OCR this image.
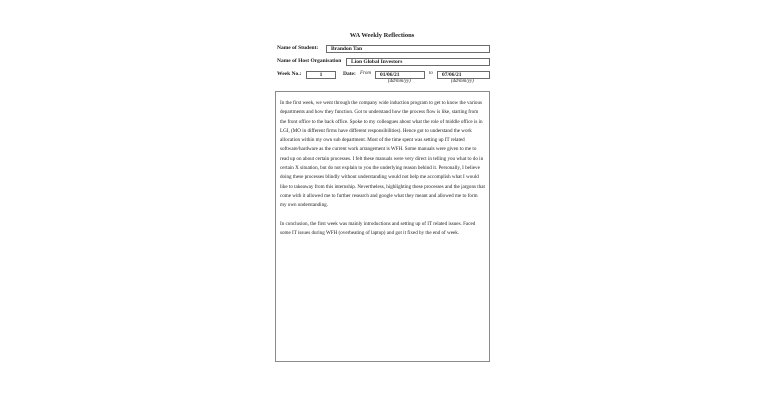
WA Weekly Reflections
Name of Student:	Brandon Tan
Name of Host Organisation	Lion Global Investors
Week No.:	1	Date: From	01/06/21	to	07/06/21
(dd/mm/yy)	(dd/mm/yy)

In the first week, we went through the company wide induction program to get to know the various departments and how they function. Got to understand how the process flow is like, starting from the front office to the back office. Spoke to my colleagues about what the role of middle office is in LGI, (MO in different firms have different responsibilities). Hence got to understand the work allocation within my own sub department. Most of the time spent was setting up IT related software/hardware as the current work arrangement is WFH. Some manuals were given to me to read up on about certain processes. I felt these manuals were very direct in telling you what to do in certain X situation, but do not explain to you the underlying reason behind it. Personally, I believe doing these processes blindly without understanding would not help me accomplish what I would like to takeaway from this internship. Nevertheless, highlighting these processes and the jargons that come with it allowed me to further research and google what they meant and allowed me to form my own understanding.

In conclusion, the first week was mainly introductions and setting up of IT related issues. Faced some IT issues during WFH (overheating of laptop) and got it fixed by the end of week.
